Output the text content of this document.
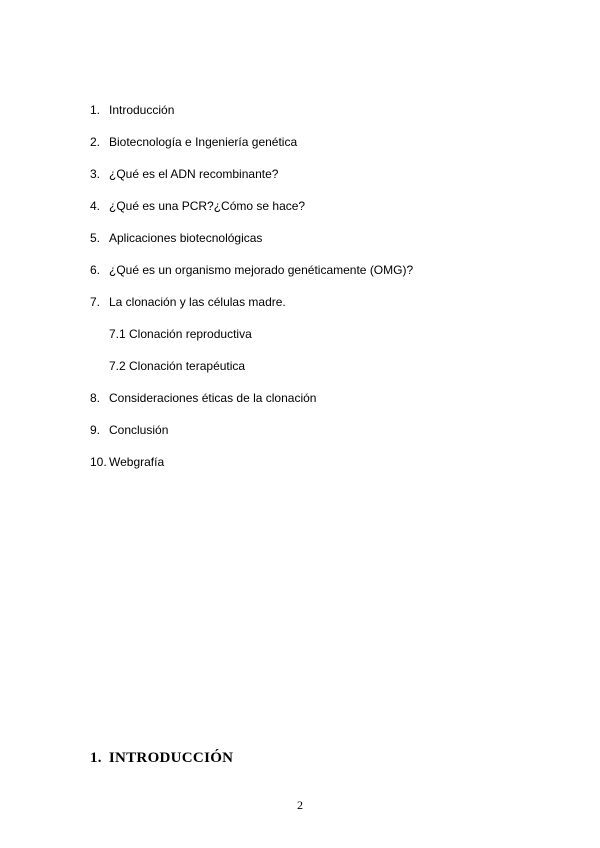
1. Introducción
2. Biotecnología e Ingeniería genética
3. ¿Qué es el ADN recombinante?
4. ¿Qué es una PCR?¿Cómo se hace?
5. Aplicaciones biotecnológicas
6. ¿Qué es un organismo mejorado genéticamente (OMG)?
7. La clonación y las células madre.
7.1 Clonación reproductiva
7.2 Clonación terapéutica
8. Consideraciones éticas de la clonación
9. Conclusión
10. Webgrafía
1. INTRODUCCIÓN
2
